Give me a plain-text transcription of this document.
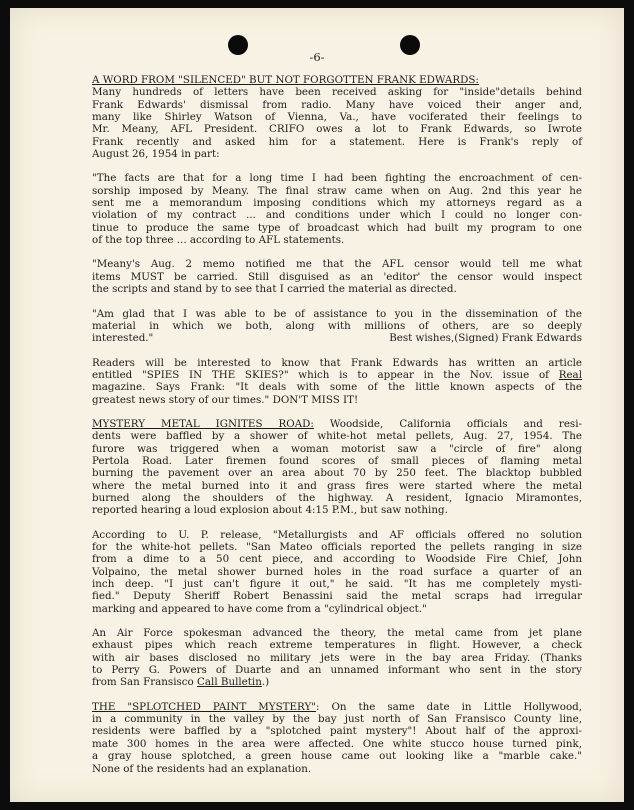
-6-
A WORD FROM "SILENCED" BUT NOT FORGOTTEN FRANK EDWARDS:

Many hundreds of letters have been received asking for "inside"details behind
Frank Edwards' dismissal from radio. Many have voiced their anger and,
many like Shirley Watson of Vienna, Va., have vociferated their feelings to
Mr. Meany, AFL President. CRIFO owes a lot to Frank Edwards, so Iwrote
Frank recently and asked him for a statement. Here is Frank's reply of
August 26, 1954 in part:

"The facts are that for a long time I had been fighting the encroachment of cen-
sorship imposed by Meany. The final straw came when on Aug. 2nd this year he
sent me a memorandum imposing conditions which my attorneys regard as a
violation of my contract ... and conditions under which I could no longer con-
tinue to produce the same type of broadcast which had built my program to one
of the top three ... according to AFL statements.

"Meany's Aug. 2 memo notified me that the AFL censor would tell me what
items MUST be carried. Still disguised as an 'editor' the censor would inspect
the scripts and stand by to see that I carried the material as directed.

"Am glad that I was able to be of assistance to you in the dissemination of the
material in which we both, along with millions of others, are so deeply
interested."	Best wishes,(Signed) Frank Edwards

Readers will be interested to know that Frank Edwards has written an article
entitled "SPIES IN THE SKIES?" which is to appear in the Nov. issue of Real
magazine. Says Frank: "It deals with some of the little known aspects of the
greatest news story of our times." DON'T MISS IT!

MYSTERY METAL IGNITES ROAD: Woodside, California officials and resi-
dents were baffled by a shower of white-hot metal pellets, Aug. 27, 1954. The
furore was triggered when a woman motorist saw a "circle of fire" along
Pertola Road. Later firemen found scores of small pieces of flaming metal
burning the pavement over an area about 70 by 250 feet. The blacktop bubbled
where the metal burned into it and grass fires were started where the metal
burned along the shoulders of the highway. A resident, Ignacio Miramontes,
reported hearing a loud explosion about 4:15 P.M., but saw nothing.

According to U. P. release, "Metallurgists and AF officials offered no solution
for the white-hot pellets. "San Mateo officials reported the pellets ranging in size
from a dime to a 50 cent piece, and according to Woodside Fire Chief, John
Volpaino, the metal shower burned holes in the road surface a quarter of an
inch deep. "I just can't figure it out," he said. "It has me completely mysti-
fied." Deputy Sheriff Robert Benassini said the metal scraps had irregular
marking and appeared to have come from a "cylindrical object."

An Air Force spokesman advanced the theory, the metal came from jet plane
exhaust pipes which reach extreme temperatures in flight. However, a check
with air bases disclosed no military jets were in the bay area Friday. (Thanks
to Perry G. Powers of Duarte and an unnamed informant who sent in the story
from San Fransisco Call Bulletin.)

THE "SPLOTCHED PAINT MYSTERY": On the same date in Little Hollywood,
in a community in the valley by the bay just north of San Fransisco County line,
residents were baffled by a "splotched paint mystery"! About half of the approxi-
mate 300 homes in the area were affected. One white stucco house turned pink,
a gray house splotched, a green house came out looking like a "marble cake."
None of the residents had an explanation.
